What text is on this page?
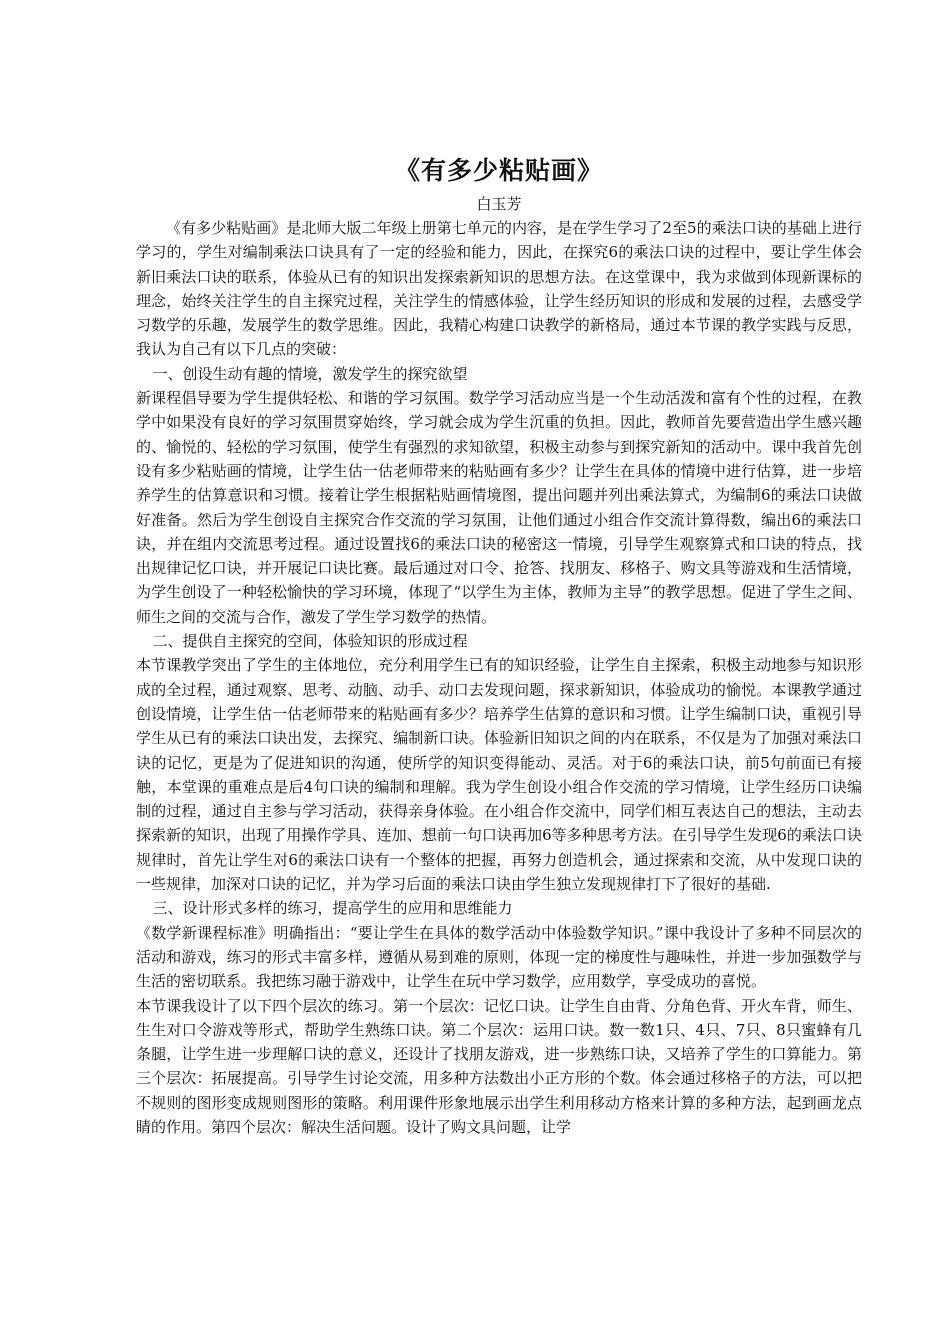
《有多少粘贴画》

白玉芳

《有多少粘贴画》是北师大版二年级上册第七单元的内容，是在学生学习了2至5的乘法口诀的基础上进行学习的，学生对编制乘法口诀具有了一定的经验和能力，因此，在探究6的乘法口诀的过程中，要让学生体会新旧乘法口诀的联系，体验从已有的知识出发探索新知识的思想方法。在这堂课中，我为求做到体现新课标的理念，始终关注学生的自主探究过程，关注学生的情感体验，让学生经历知识的形成和发展的过程，去感受学习数学的乐趣，发展学生的数学思维。因此，我精心构建口诀教学的新格局，通过本节课的教学实践与反思，我认为自己有以下几点的突破：

一、创设生动有趣的情境，激发学生的探究欲望

新课程倡导要为学生提供轻松、和谐的学习氛围。数学学习活动应当是一个生动活泼和富有个性的过程，在教学中如果没有良好的学习氛围贯穿始终，学习就会成为学生沉重的负担。因此，教师首先要营造出学生感兴趣的、愉悦的、轻松的学习氛围，使学生有强烈的求知欲望，积极主动参与到探究新知的活动中。课中我首先创设有多少粘贴画的情境，让学生估一估老师带来的粘贴画有多少？让学生在具体的情境中进行估算，进一步培养学生的估算意识和习惯。接着让学生根据粘贴画情境图，提出问题并列出乘法算式，为编制6的乘法口诀做好准备。然后为学生创设自主探究合作交流的学习氛围，让他们通过小组合作交流计算得数，编出6的乘法口诀，并在组内交流思考过程。通过设置找6的乘法口诀的秘密这一情境，引导学生观察算式和口诀的特点，找出规律记忆口诀，并开展记口诀比赛。最后通过对口令、抢答、找朋友、移格子、购文具等游戏和生活情境，为学生创设了一种轻松愉快的学习环境，体现了“以学生为主体，教师为主导”的教学思想。促进了学生之间、师生之间的交流与合作，激发了学生学习数学的热情。

二、提供自主探究的空间，体验知识的形成过程

本节课教学突出了学生的主体地位，充分利用学生已有的知识经验，让学生自主探索，积极主动地参与知识形成的全过程，通过观察、思考、动脑、动手、动口去发现问题，探求新知识，体验成功的愉悦。本课教学通过创设情境，让学生估一估老师带来的粘贴画有多少？培养学生估算的意识和习惯。让学生编制口诀，重视引导学生从已有的乘法口诀出发，去探究、编制新口诀。体验新旧知识之间的内在联系，不仅是为了加强对乘法口诀的记忆，更是为了促进知识的沟通，使所学的知识变得能动、灵活。对于6的乘法口诀，前5句前面已有接触，本堂课的重难点是后4句口诀的编制和理解。我为学生创设小组合作交流的学习情境，让学生经历口诀编制的过程，通过自主参与学习活动，获得亲身体验。在小组合作交流中，同学们相互表达自己的想法，主动去探索新的知识，出现了用操作学具、连加、想前一句口诀再加6等多种思考方法。在引导学生发现6的乘法口诀规律时，首先让学生对6的乘法口诀有一个整体的把握，再努力创造机会，通过探索和交流，从中发现口诀的一些规律，加深对口诀的记忆，并为学习后面的乘法口诀由学生独立发现规律打下了很好的基础.

三、设计形式多样的练习，提高学生的应用和思维能力

《数学新课程标准》明确指出：“要让学生在具体的数学活动中体验数学知识。”课中我设计了多种不同层次的活动和游戏，练习的形式丰富多样，遵循从易到难的原则，体现一定的梯度性与趣味性，并进一步加强数学与生活的密切联系。我把练习融于游戏中，让学生在玩中学习数学，应用数学，享受成功的喜悦。

本节课我设计了以下四个层次的练习。第一个层次：记忆口诀。让学生自由背、分角色背、开火车背，师生、生生对口令游戏等形式，帮助学生熟练口诀。第二个层次：运用口诀。数一数1只、4只、7只、8只蜜蜂有几条腿，让学生进一步理解口诀的意义，还设计了找朋友游戏，进一步熟练口诀，又培养了学生的口算能力。第三个层次：拓展提高。引导学生讨论交流，用多种方法数出小正方形的个数。体会通过移格子的方法，可以把不规则的图形变成规则图形的策略。利用课件形象地展示出学生利用移动方格来计算的多种方法，起到画龙点睛的作用。第四个层次：解决生活问题。设计了购文具问题，让学
